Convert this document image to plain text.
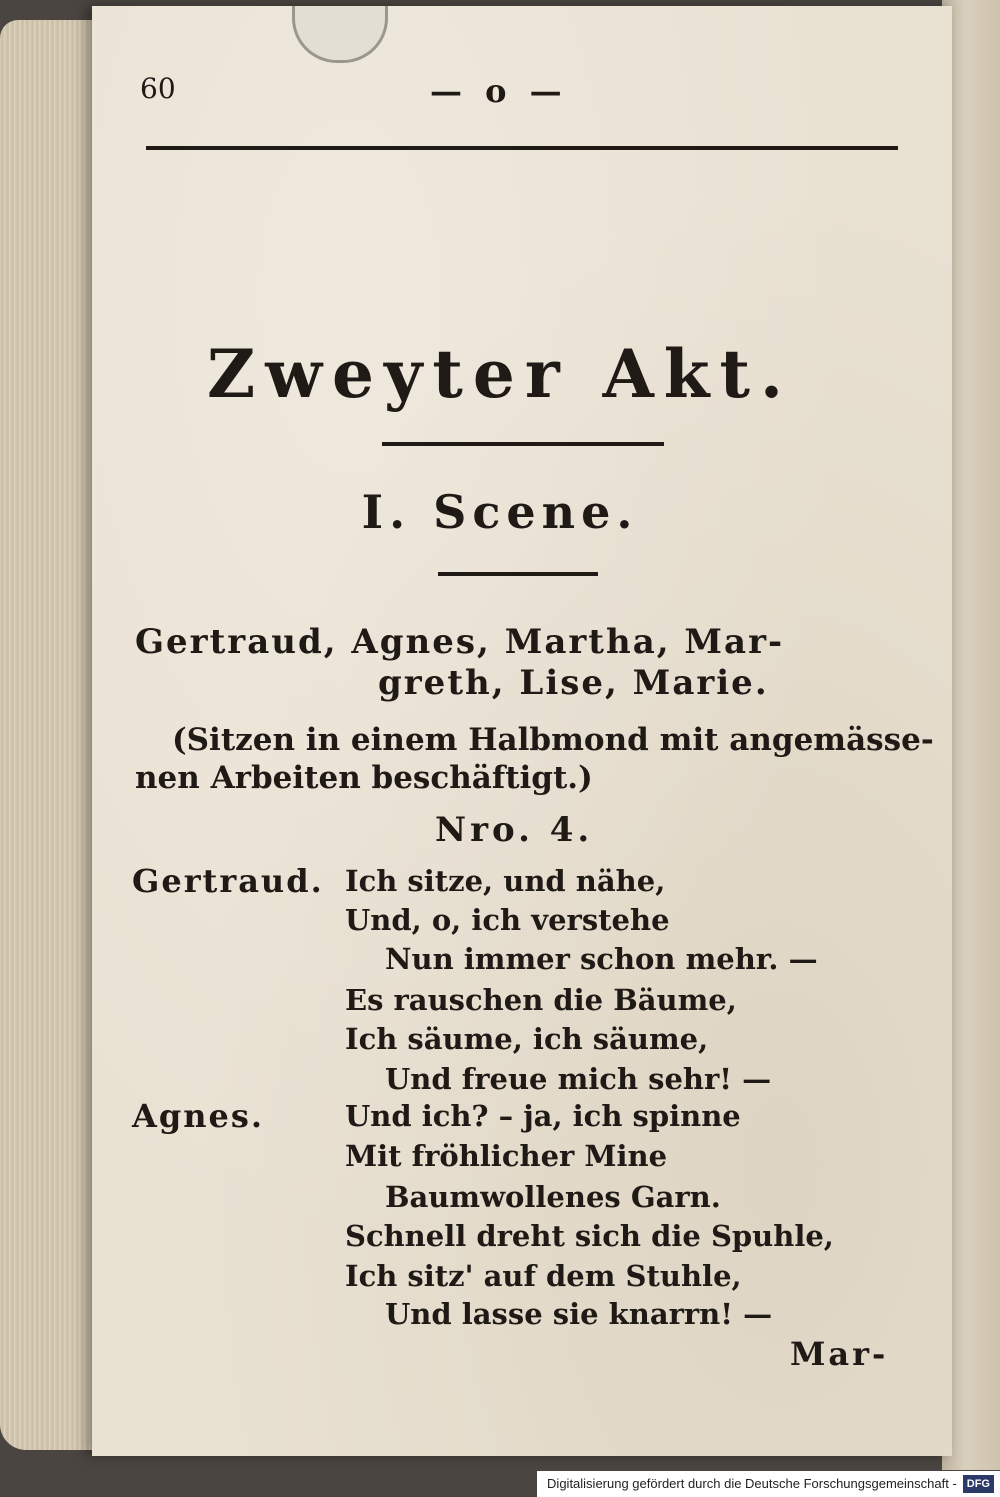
60	— o —
Zweyter Akt.
I. Scene.
Gertraud, Agnes, Martha, Mar-
greth, Lise, Marie.
(Sitzen in einem Halbmond mit angemässe-
nen Arbeiten beschäftigt.)
Nro. 4.
Gertraud. Ich sitze, und nähe,
Und, o, ich verstehe
Nun immer schon mehr. —
Es rauschen die Bäume,
Ich säume, ich säume,
Und freue mich sehr! —
Agnes.	Und ich? – ja, ich spinne
Mit fröhlicher Mine
Baumwollenes Garn.
Schnell dreht sich die Spuhle,
Ich sitz' auf dem Stuhle,
Und lasse sie knarrn! —
Mar-
Digitalisierung gefördert durch die Deutsche Forschungsgemeinschaft - DFG
